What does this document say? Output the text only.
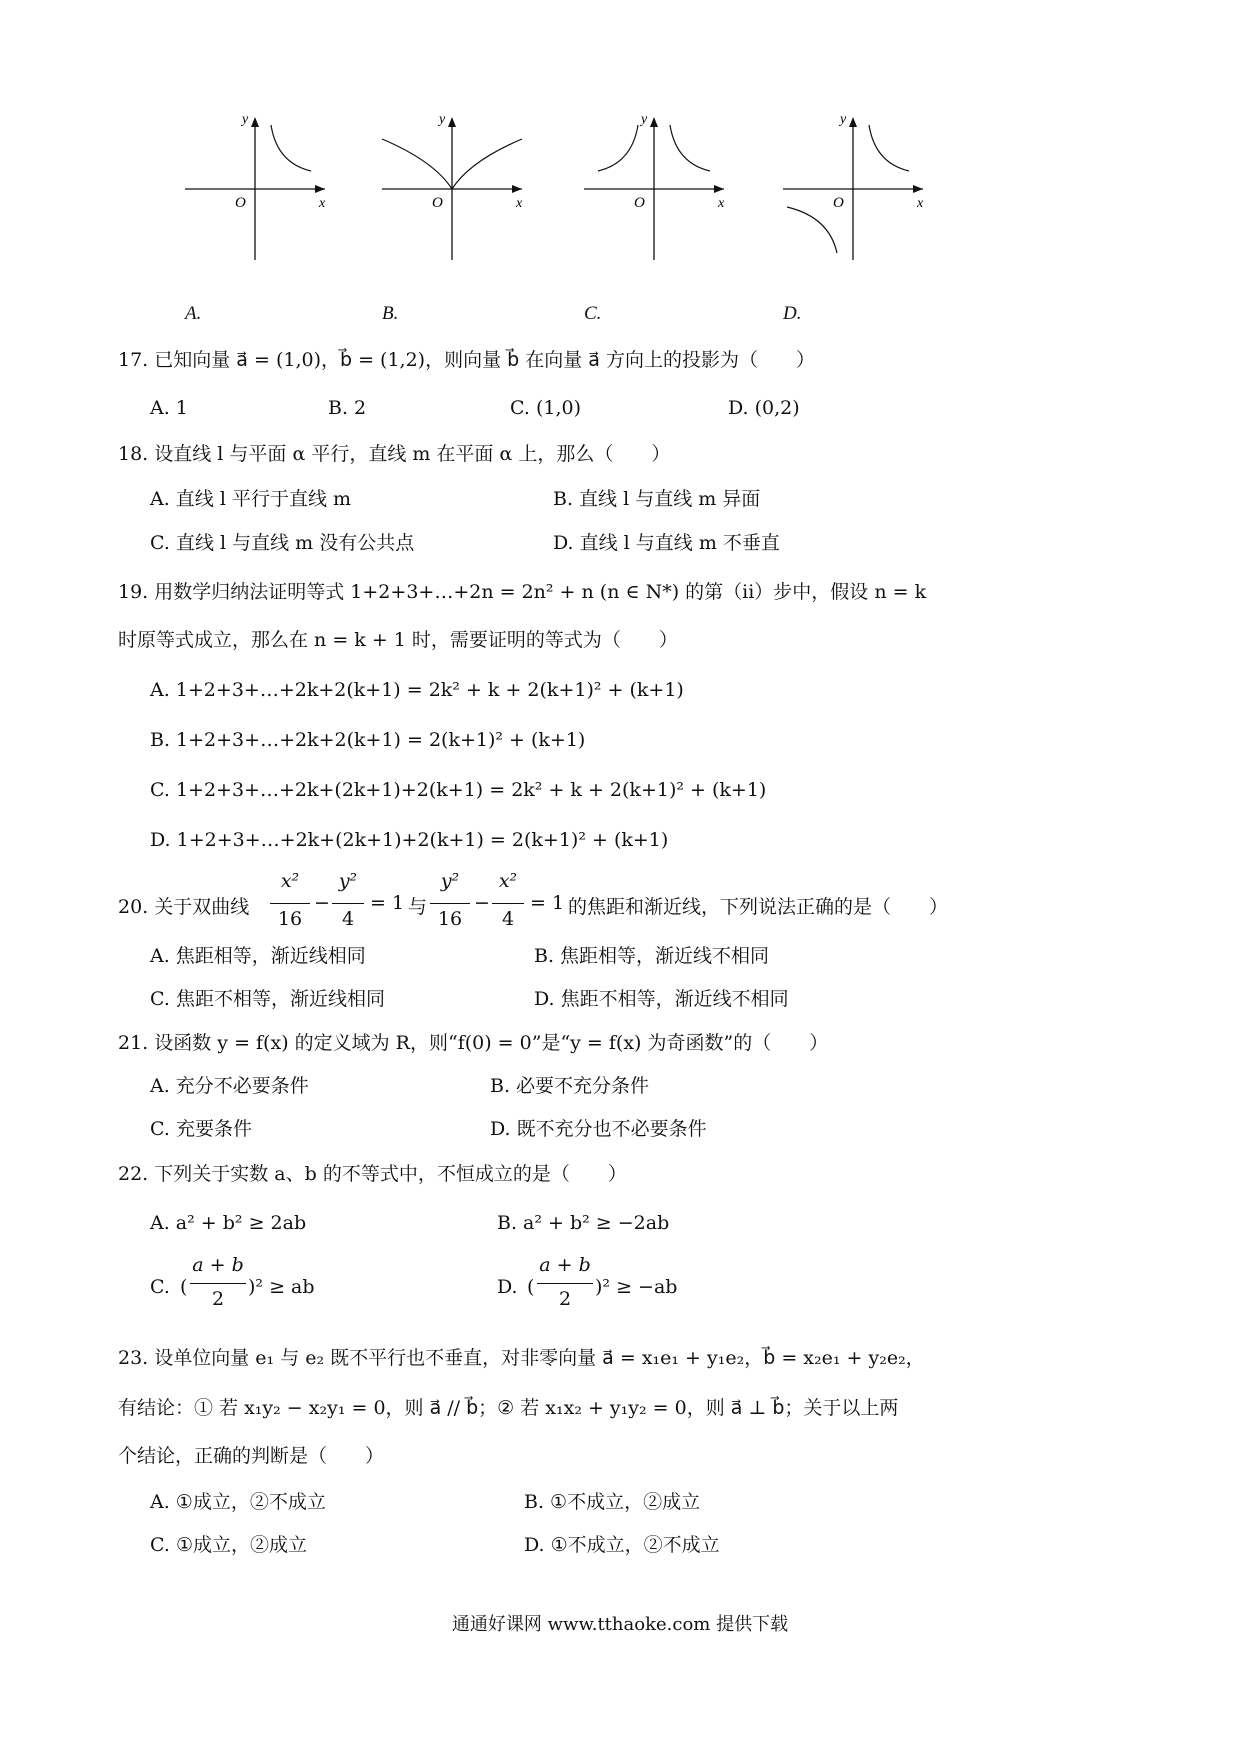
O	x
y
A.
O	x
y
B.
O	x
y
C.
O	x
y
D.
17. 已知向量 a⃗ = (1,0)，b⃗ = (1,2)，则向量 b⃗ 在向量 a⃗ 方向上的投影为（　　）
A. 1	B. 2	C. (1,0)	D. (0,2)
18. 设直线 l 与平面 α 平行，直线 m 在平面 α 上，那么（　　）
A. 直线 l 平行于直线 m	B. 直线 l 与直线 m 异面
C. 直线 l 与直线 m 没有公共点	D. 直线 l 与直线 m 不垂直
19. 用数学归纳法证明等式 1+2+3+…+2n = 2n² + n (n ∈ N*) 的第（ii）步中，假设 n = k
时原等式成立，那么在 n = k + 1 时，需要证明的等式为（　　）
A. 1+2+3+…+2k+2(k+1) = 2k² + k + 2(k+1)² + (k+1)
B. 1+2+3+…+2k+2(k+1) = 2(k+1)² + (k+1)
C. 1+2+3+…+2k+(2k+1)+2(k+1) = 2k² + k + 2(k+1)² + (k+1)
D. 1+2+3+…+2k+(2k+1)+2(k+1) = 2(k+1)² + (k+1)
20. 关于双曲线
x²
16
−
y²
4
= 1 与
y²
16
−
x²
4
= 1 的焦距和渐近线，下列说法正确的是（　　）
A. 焦距相等，渐近线相同	B. 焦距相等，渐近线不相同
C. 焦距不相等，渐近线相同	D. 焦距不相等，渐近线不相同
21. 设函数 y = f(x) 的定义域为 R，则“f(0) = 0”是“y = f(x) 为奇函数”的（　　）
A. 充分不必要条件	B. 必要不充分条件
C. 充要条件	D. 既不充分也不必要条件
22. 下列关于实数 a、b 的不等式中，不恒成立的是（　　）
A. a² + b² ≥ 2ab	B. a² + b² ≥ −2ab
C. (
a + b
2
)² ≥ ab	D. (
a + b
2
)² ≥ −ab
23. 设单位向量 e₁ 与 e₂ 既不平行也不垂直，对非零向量 a⃗ = x₁e₁ + y₁e₂，b⃗ = x₂e₁ + y₂e₂，
有结论：① 若 x₁y₂ − x₂y₁ = 0，则 a⃗ // b⃗；② 若 x₁x₂ + y₁y₂ = 0，则 a⃗ ⊥ b⃗；关于以上两
个结论，正确的判断是（　　）
A. ①成立，②不成立	B. ①不成立，②成立
C. ①成立，②成立	D. ①不成立，②不成立
通通好课网 www.tthaoke.com 提供下载
